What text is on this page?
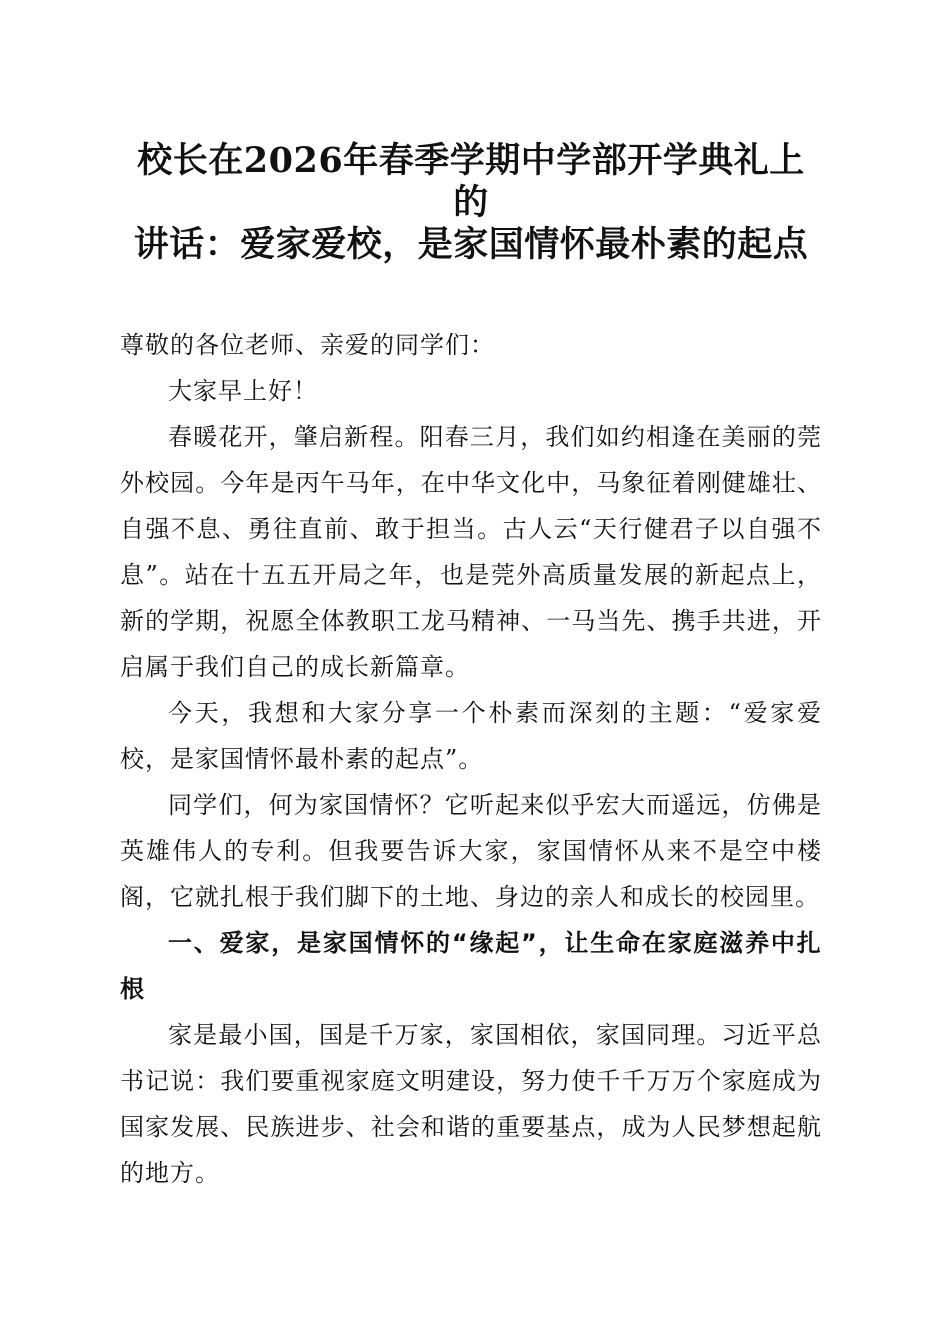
校长在2026年春季学期中学部开学典礼上的
讲话：爱家爱校，是家国情怀最朴素的起点

尊敬的各位老师、亲爱的同学们：

大家早上好！

春暖花开，肇启新程。阳春三月，我们如约相逢在美丽的莞外校园。今年是丙午马年，在中华文化中，马象征着刚健雄壮、自强不息、勇往直前、敢于担当。古人云“天行健君子以自强不息”。站在十五五开局之年，也是莞外高质量发展的新起点上，新的学期，祝愿全体教职工龙马精神、一马当先、携手共进，开启属于我们自己的成长新篇章。

今天，我想和大家分享一个朴素而深刻的主题：“爱家爱校，是家国情怀最朴素的起点”。

同学们，何为家国情怀？它听起来似乎宏大而遥远，仿佛是英雄伟人的专利。但我要告诉大家，家国情怀从来不是空中楼阁，它就扎根于我们脚下的土地、身边的亲人和成长的校园里。

一、爱家，是家国情怀的“缘起”，让生命在家庭滋养中扎根

家是最小国，国是千万家，家国相依，家国同理。习近平总书记说：我们要重视家庭文明建设，努力使千千万万个家庭成为国家发展、民族进步、社会和谐的重要基点，成为人民梦想起航的地方。
